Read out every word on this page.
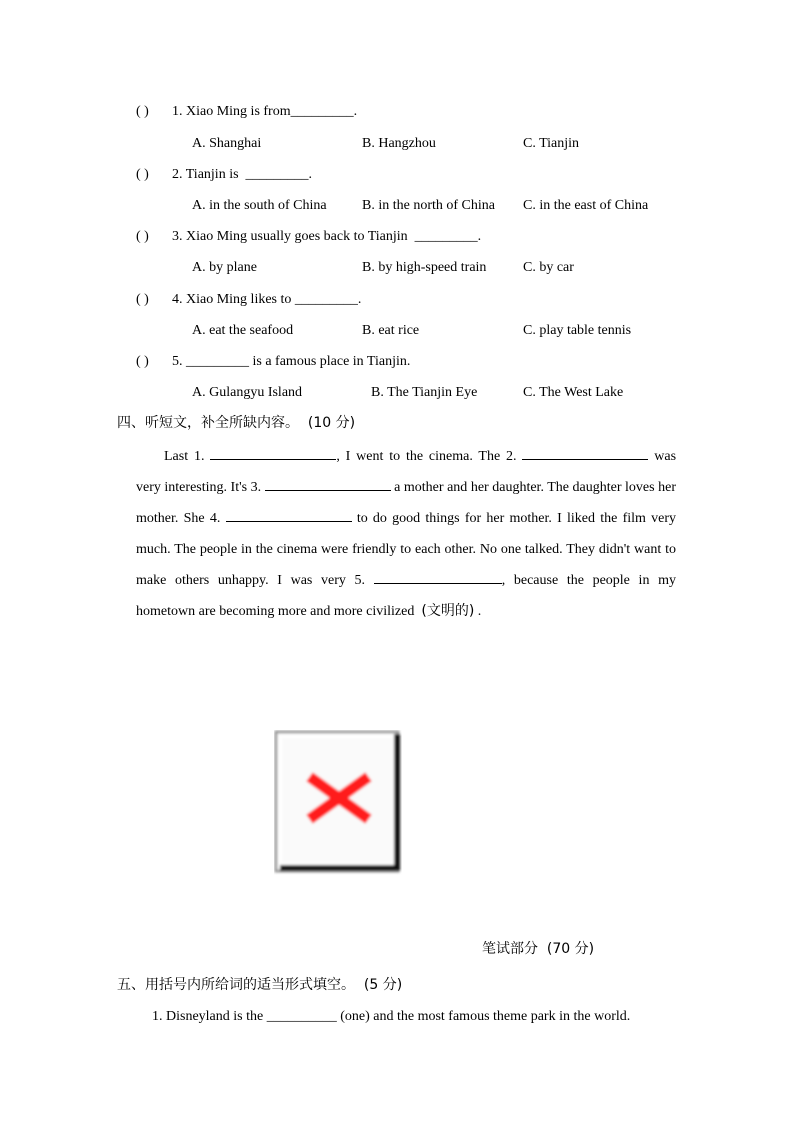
( ) 1. Xiao Ming is from_________.
A. Shanghai	B. Hangzhou	C. Tianjin
( ) 2. Tianjin is _________.
A. in the south of China	B. in the north of China C. in the east of China
( ) 3. Xiao Ming usually goes back to Tianjin _________.
A. by plane	B. by high-speed train	C. by car
( ) 4. Xiao Ming likes to _________.
A. eat the seafood	B. eat rice	C. play table tennis
( ) 5. _________ is a famous place in Tianjin.
A. Gulangyu Island	B. The Tianjin Eye	C. The West Lake
四、听短文，补全所缺内容。 (10 分)

Last 1.	, I went to the cinema. The 2.	was very interesting. It's 3.	a mother and her daughter. The daughter loves her mother. She 4.	to do good things for her mother. I liked the film very much. The people in the cinema were friendly to each other. No one talked. They didn't want to make others unhappy. I was very 5.	, because the people in my hometown are becoming more and more civilized (文明的) .

笔试部分 (70 分)
五、用括号内所给词的适当形式填空。 (5 分)
1. Disneyland is the __________ (one) and the most famous theme park in the world.
